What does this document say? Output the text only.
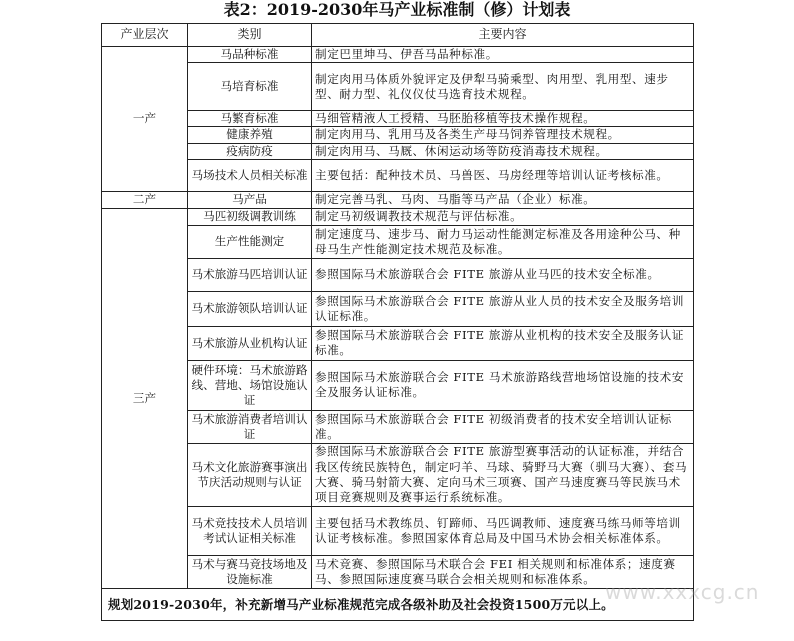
表2：2019-2030年马产业标准制（修）计划表
产业层次	类别	主要内容
一产	马品种标准	制定巴里坤马、伊吾马品种标准。
	马培育标准	制定肉用马体质外貌评定及伊犁马骑乘型、肉用型、乳用型、速步型、耐力型、礼仪仪仗马选育技术规程。
	马繁育标准	马细管精液人工授精、马胚胎移植等技术操作规程。
	健康养殖	制定肉用马、乳用马及各类生产母马饲养管理技术规程。
	疫病防疫	制定肉用马、马厩、休闲运动场等防疫消毒技术规程。
	马场技术人员相关标准	主要包括：配种技术员、马兽医、马房经理等培训认证考核标准。
二产	马产品	制定完善马乳、马肉、马脂等马产品（企业）标准。
三产	马匹初级调教训练	制定马初级调教技术规范与评估标准。
	生产性能测定	制定速度马、速步马、耐力马运动性能测定标准及各用途种公马、种母马生产性能测定技术规范及标准。
	马术旅游马匹培训认证	参照国际马术旅游联合会 FITE 旅游从业马匹的技术安全标准。
	马术旅游领队培训认证	参照国际马术旅游联合会 FITE 旅游从业人员的技术安全及服务培训认证标准。
	马术旅游从业机构认证	参照国际马术旅游联合会 FITE 旅游从业机构的技术安全及服务认证标准。
	硬件环境：马术旅游路线、营地、场馆设施认证	参照国际马术旅游联合会 FITE 马术旅游路线营地场馆设施的技术安全及服务认证标准。
	马术旅游消费者培训认证	参照国际马术旅游联合会 FITE 初级消费者的技术安全培训认证标准。
	马术文化旅游赛事演出节庆活动规则与认证	参照国际马术旅游联合会 FITE 旅游型赛事活动的认证标准，并结合我区传统民族特色，制定叼羊、马球、骑野马大赛（驯马大赛）、套马大赛、骑马射箭大赛、定向马术三项赛、国产马速度赛马等民族马术项目竞赛规则及赛事运行系统标准。
	马术竞技技术人员培训考试认证相关标准	主要包括马术教练员、钉蹄师、马匹调教师、速度赛马练马师等培训认证考核标准。参照国家体育总局及中国马术协会相关标准体系。
	马术与赛马竞技场地及设施标准	马术竞赛、参照国际马术联合会 FEI 相关规则和标准体系；速度赛马、参照国际速度赛马联合会相关规则和标准体系。
规划2019-2030年，补充新增马产业标准规范完成各级补助及社会投资1500万元以上。		
www.xxxcg.cn
